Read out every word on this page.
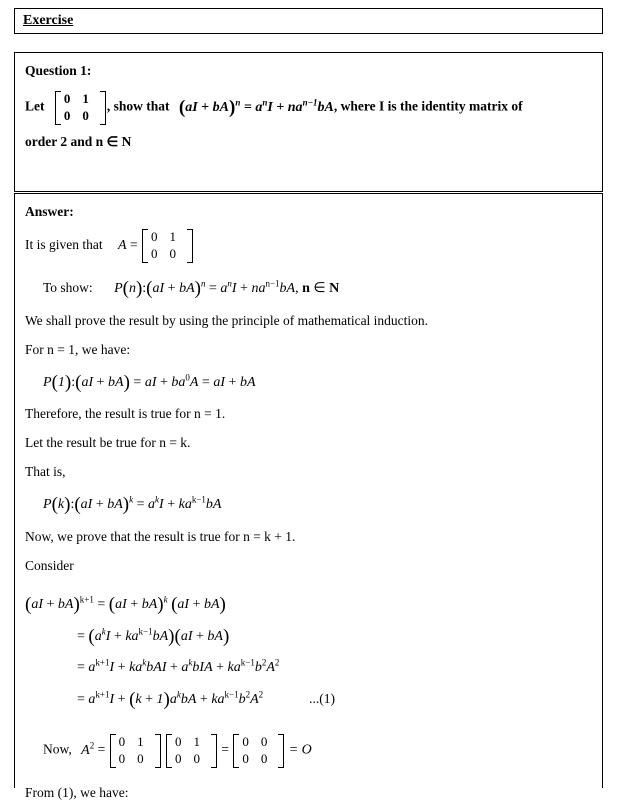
Exercise
Question 1:
Let
0	1
0	0
, show that $(aI + bA)^n = a^nI + na^{n-1}bA$, where I is the identity matrix of
order 2 and n ∈ N
Answer:
It is given that A =
0	1
0	0
To show: P(n):(aI + $bA)^n = a^nI + na^{n-1}bA$, n ∈ N
We shall prove the result by using the principle of mathematical induction.
For n = 1, we have:
P(1):(aI + bA) = aI + $ba^0A$ = aI + bA
Therefore, the result is true for n = 1.
Let the result be true for n = k.
That is,
P(k):(aI + $bA)^k = a^kI + ka^{k-1}bA$
Now, we prove that the result is true for n = k + 1.
Consider
(aI + bA)$^{k+1}$ = (aI + bA)$^k$ (aI + bA)
= $(a^kI + ka^{k-1}bA)(aI + bA)$
= $a^{k+1}I + ka^kbAI + a^kbIA + ka^{k-1}b^2A^2$
= $a^{k+1}I + (k + 1)a^kbA + ka^{k-1}b^2A^2$	...(1)
Now, $A^2$ =
0	1
0	0

0	1
0	0
=
0	0
0	0
= O
From (1), we have:
